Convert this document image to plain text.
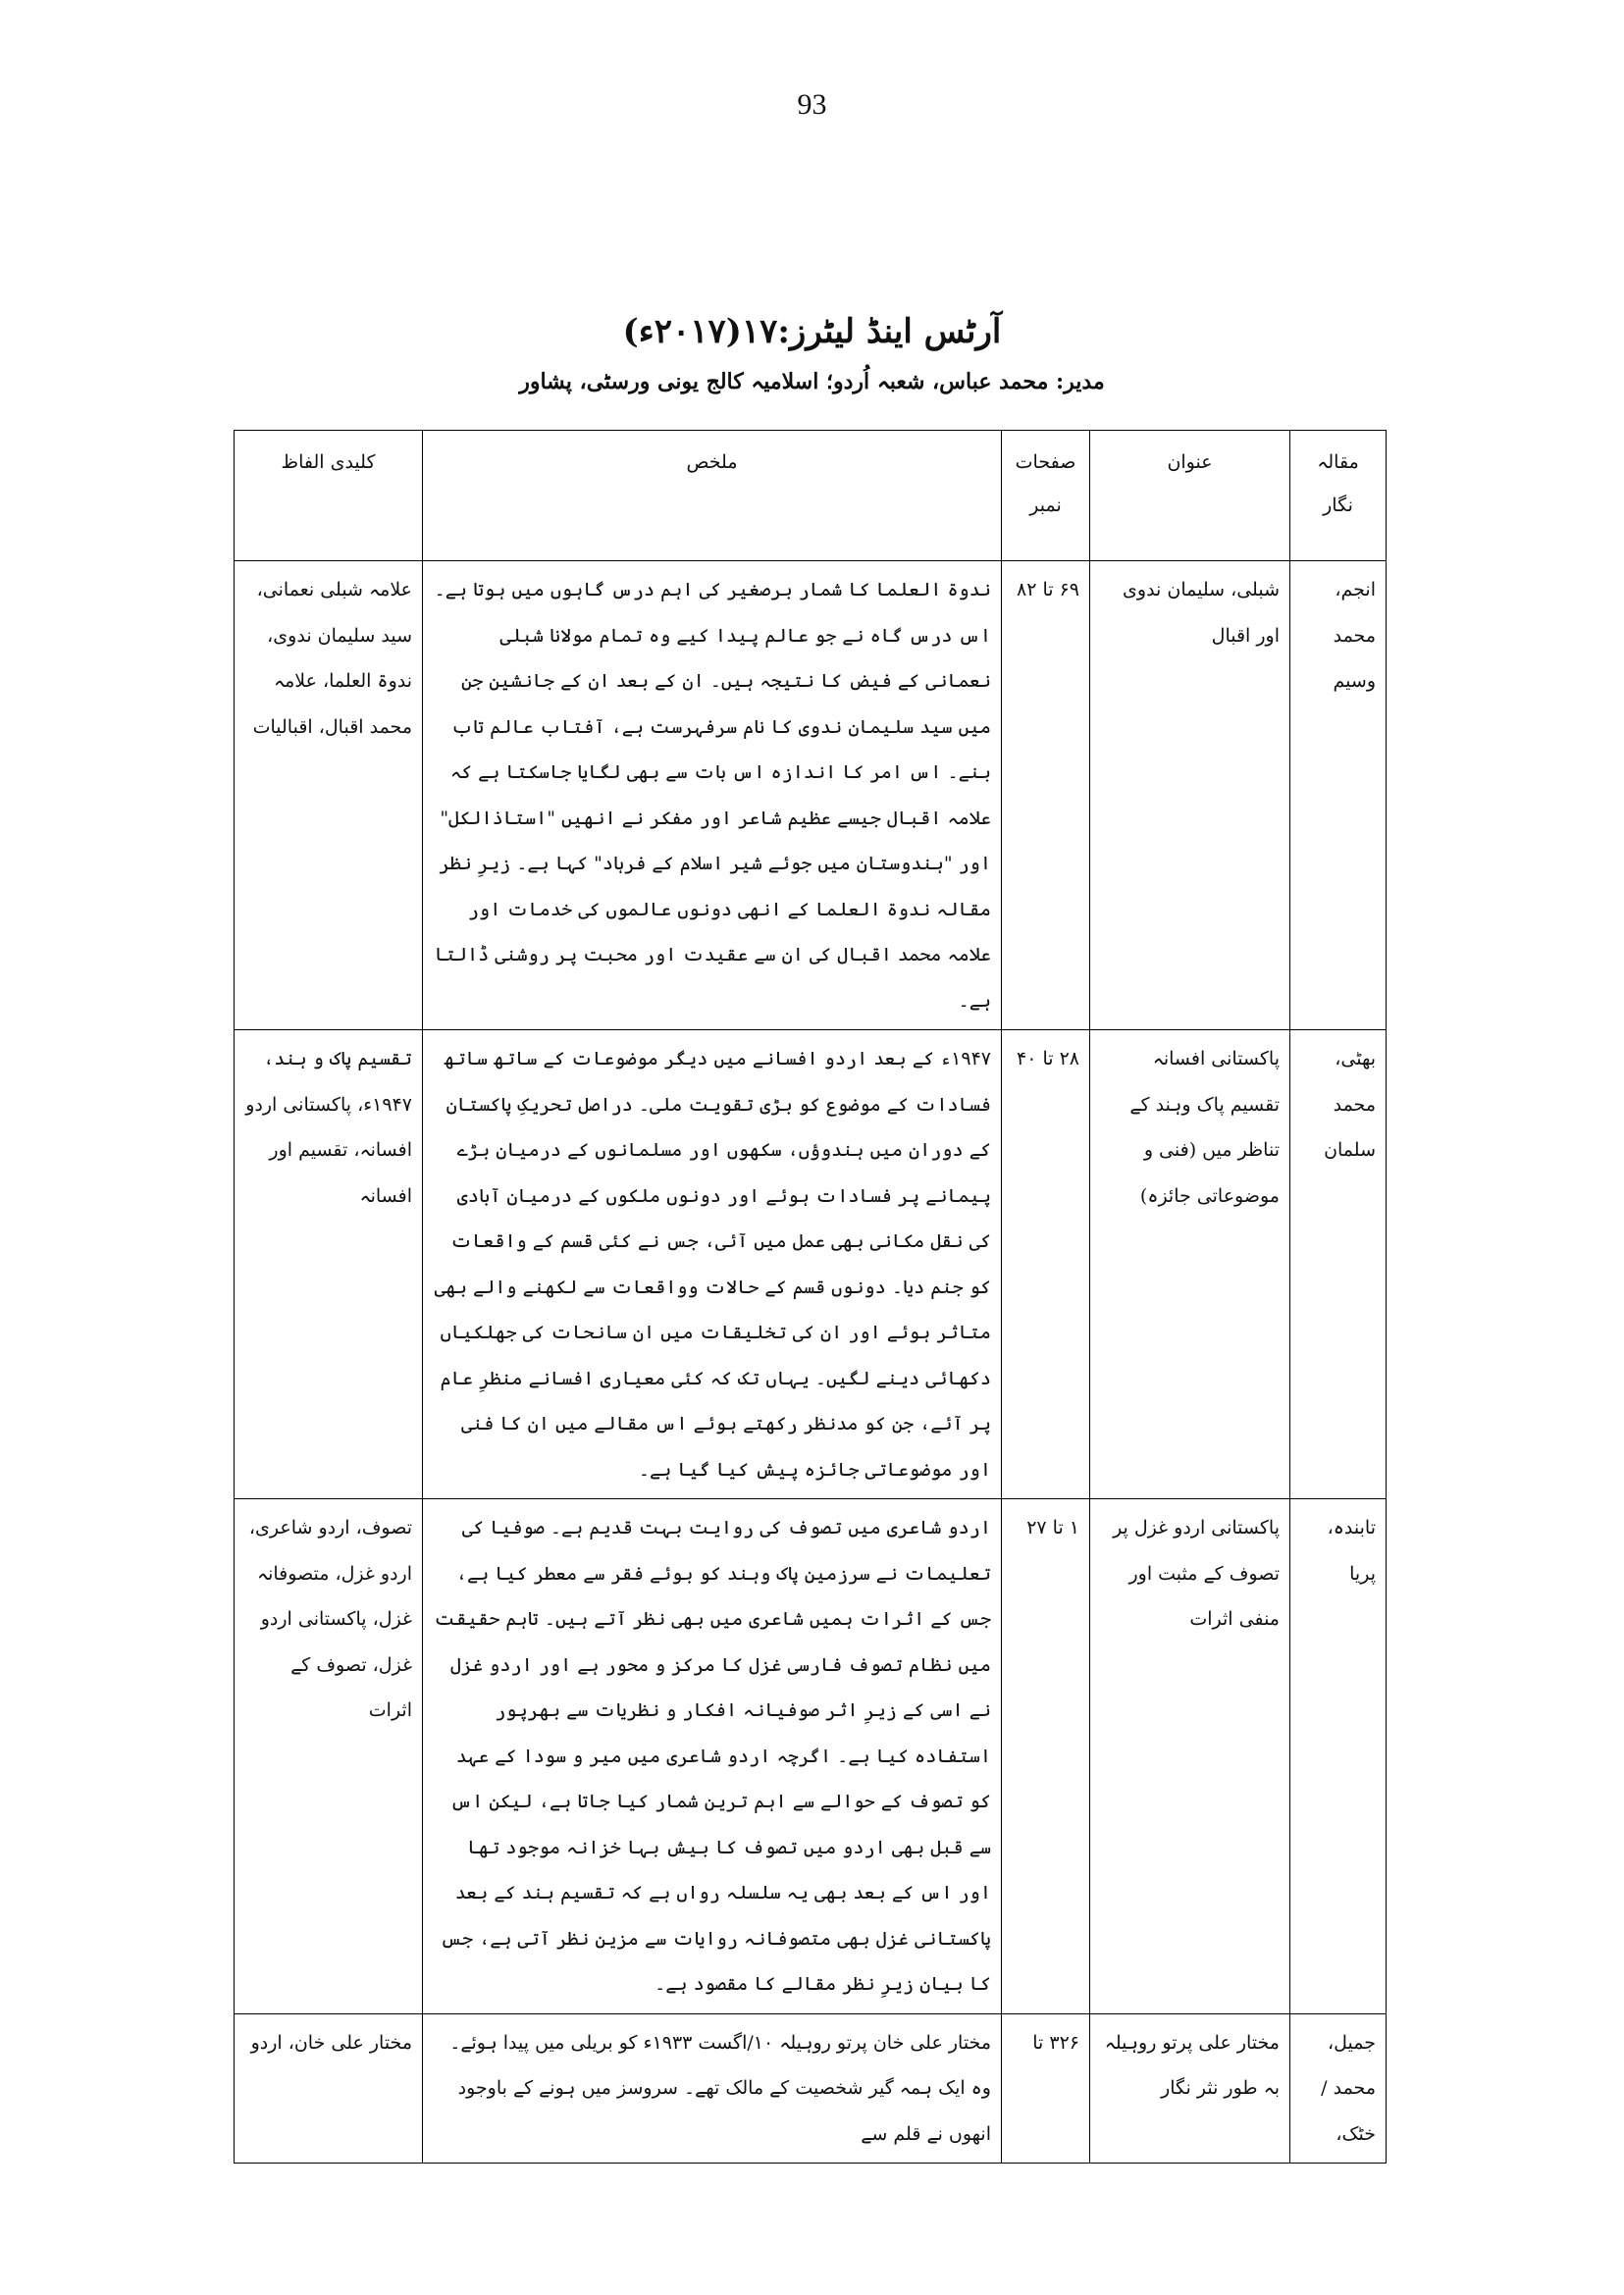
93
آرٹس اینڈ لیٹرز:۱۷(۲۰۱۷ء)
مدیر: محمد عباس، شعبہ اُردو؛ اسلامیہ کالج یونی ورسٹی، پشاور
مقالہ نگار	عنوان	صفحات نمبر	ملخص	کلیدی الفاظ
انجم، محمد وسیم	شبلی، سلیمان ندوی اور اقبال	۶۹ تا ۸۲	ندوۃ العلما کا شمار برصغیر کی اہم درس گاہوں میں ہوتا ہے۔ اس درس گاہ نے جو عالم پیدا کیے وہ تمام مولانا شبلی نعمانی کے فیض کا نتیجہ ہیں۔ ان کے بعد ان کے جانشین جن میں سید سلیمان ندوی کا نام سرفہرست ہے، آفتاب عالم تاب بنے۔ اس امر کا اندازہ اس بات سے بھی لگایا جاسکتا ہے کہ علامہ اقبال جیسے عظیم شاعر اور مفکر نے انھیں "استاذالکل" اور "ہندوستان میں جوئے شیر اسلام کے فرہاد" کہا ہے۔ زیرِ نظر مقالہ ندوۃ العلما کے انھی دونوں عالموں کی خدمات اور علامہ محمد اقبال کی ان سے عقیدت اور محبت پر روشنی ڈالتا ہے۔	علامہ شبلی نعمانی، سید سلیمان ندوی، ندوۃ العلما، علامہ محمد اقبال، اقبالیات
بھٹی، محمد سلمان	پاکستانی افسانہ تقسیم پاک وہند کے تناظر میں (فنی و موضوعاتی جائزہ)	۲۸ تا ۴۰	۱۹۴۷ء کے بعد اردو افسانے میں دیگر موضوعات کے ساتھ ساتھ فسادات کے موضوع کو بڑی تقویت ملی۔ دراصل تحریکِ پاکستان کے دوران میں ہندوؤں، سکھوں اور مسلمانوں کے درمیان بڑے پیمانے پر فسادات ہوئے اور دونوں ملکوں کے درمیان آبادی کی نقل مکانی بھی عمل میں آئی، جس نے کئی قسم کے واقعات کو جنم دیا۔ دونوں قسم کے حالات وواقعات سے لکھنے والے بھی متاثر ہوئے اور ان کی تخلیقات میں ان سانحات کی جھلکیاں دکھائی دینے لگیں۔ یہاں تک کہ کئی معیاری افسانے منظرِ عام پر آئے، جن کو مدنظر رکھتے ہوئے اس مقالے میں ان کا فنی اور موضوعاتی جائزہ پیش کیا گیا ہے۔	تقسیم پاک و ہند، ۱۹۴۷ء، پاکستانی اردو افسانہ، تقسیم اور افسانہ
تابندہ، پریا	پاکستانی اردو غزل پر تصوف کے مثبت اور منفی اثرات	۱ تا ۲۷	اردو شاعری میں تصوف کی روایت بہت قدیم ہے۔ صوفیا کی تعلیمات نے سرزمین پاک وہند کو بوئے فقر سے معطر کیا ہے، جس کے اثرات ہمیں شاعری میں بھی نظر آتے ہیں۔ تاہم حقیقت میں نظام تصوف فارسی غزل کا مرکز و محور ہے اور اردو غزل نے اسی کے زیرِ اثر صوفیانہ افکار و نظریات سے بھرپور استفادہ کیا ہے۔ اگرچہ اردو شاعری میں میر و سودا کے عہد کو تصوف کے حوالے سے اہم ترین شمار کیا جاتا ہے، لیکن اس سے قبل بھی اردو میں تصوف کا بیش بہا خزانہ موجود تھا اور اس کے بعد بھی یہ سلسلہ رواں ہے کہ تقسیم ہند کے بعد پاکستانی غزل بھی متصوفانہ روایات سے مزین نظر آتی ہے، جس کا بیان زیرِ نظر مقالے کا مقصود ہے۔	تصوف، اردو شاعری، اردو غزل، متصوفانہ غزل، پاکستانی اردو غزل، تصوف کے اثرات
جمیل، محمد / خٹک،	مختار علی پرتو روہیلہ بہ طور نثر نگار	۳۲۶ تا	مختار علی خان پرتو روہیلہ ۱۰/اگست ۱۹۳۳ء کو بریلی میں پیدا ہوئے۔ وہ ایک ہمہ گیر شخصیت کے مالک تھے۔ سروسز میں ہونے کے باوجود انھوں نے قلم سے	مختار علی خان، اردو
